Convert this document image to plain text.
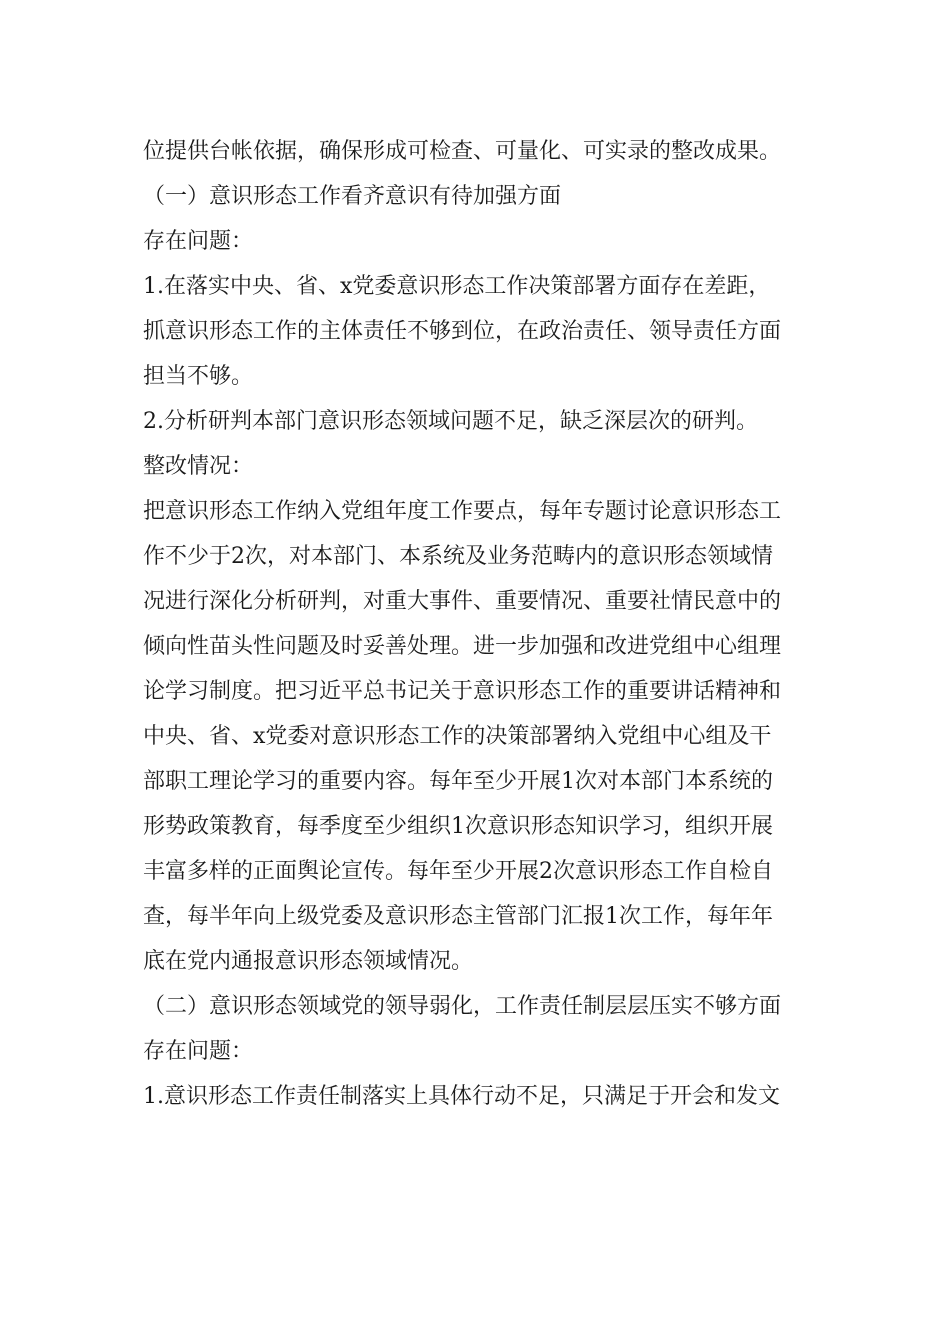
位提供台帐依据，确保形成可检查、可量化、可实录的整改成果。
（一）意识形态工作看齐意识有待加强方面
存在问题：
1.在落实中央、省、x党委意识形态工作决策部署方面存在差距，
抓意识形态工作的主体责任不够到位，在政治责任、领导责任方面
担当不够。
2.分析研判本部门意识形态领域问题不足，缺乏深层次的研判。
整改情况：
把意识形态工作纳入党组年度工作要点，每年专题讨论意识形态工
作不少于2次，对本部门、本系统及业务范畴内的意识形态领域情
况进行深化分析研判，对重大事件、重要情况、重要社情民意中的
倾向性苗头性问题及时妥善处理。进一步加强和改进党组中心组理
论学习制度。把习近平总书记关于意识形态工作的重要讲话精神和
中央、省、x党委对意识形态工作的决策部署纳入党组中心组及干
部职工理论学习的重要内容。每年至少开展1次对本部门本系统的
形势政策教育，每季度至少组织1次意识形态知识学习，组织开展
丰富多样的正面舆论宣传。每年至少开展2次意识形态工作自检自
查，每半年向上级党委及意识形态主管部门汇报1次工作，每年年
底在党内通报意识形态领域情况。
（二）意识形态领域党的领导弱化，工作责任制层层压实不够方面
存在问题：
1.意识形态工作责任制落实上具体行动不足，只满足于开会和发文
